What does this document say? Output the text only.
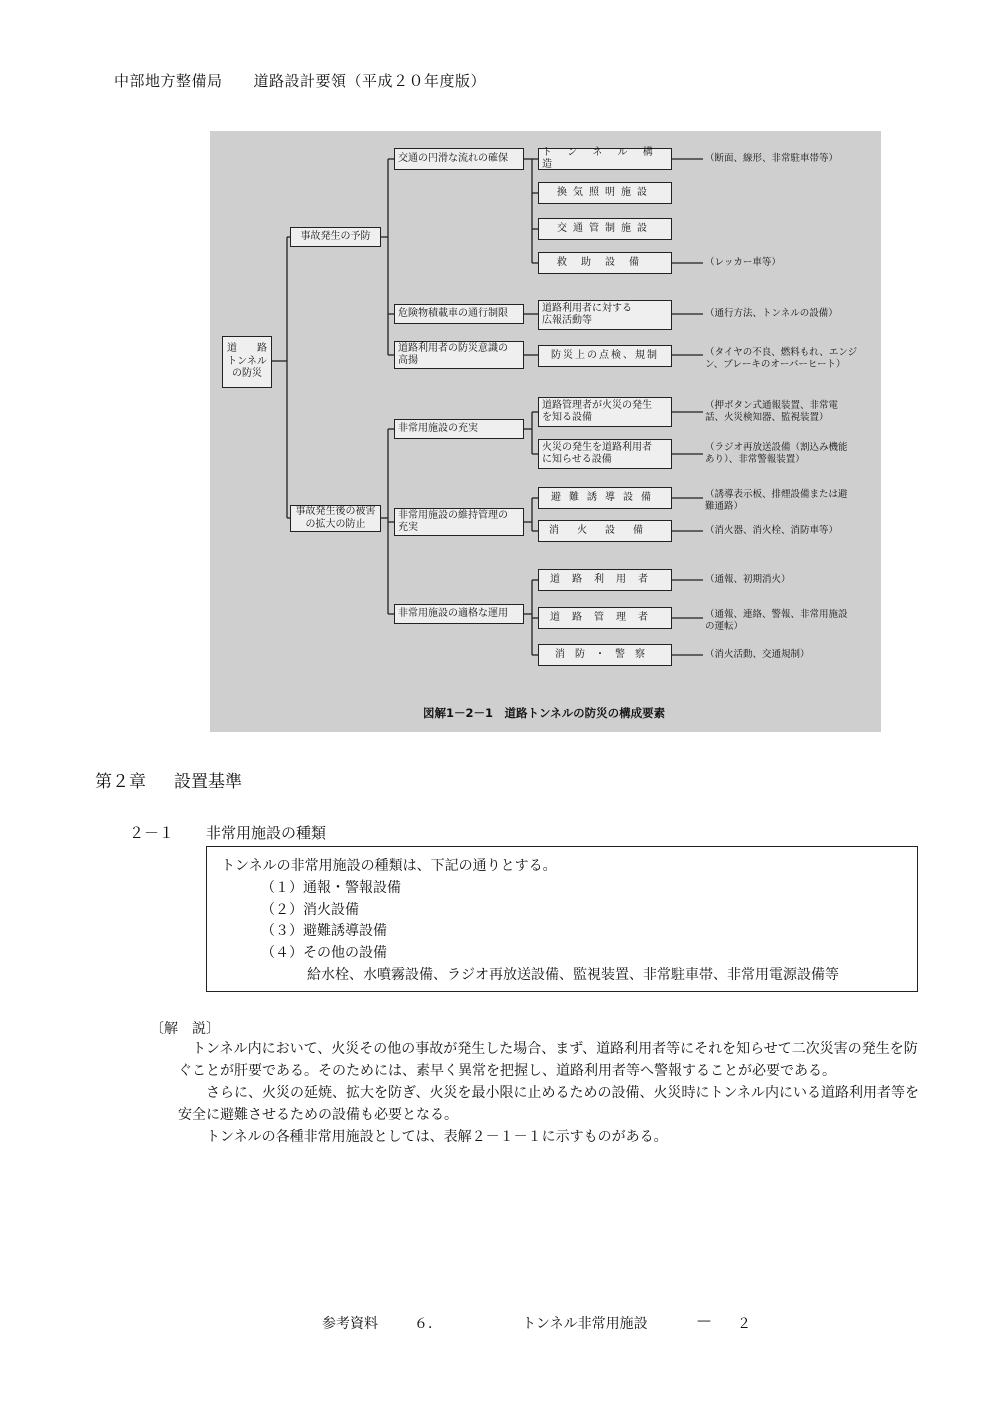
中部地方整備局　　道路設計要領（平成２０年度版）
道　　路
トンネル
の防災
事故発生の予防
事故発生後の被害
の拡大の防止
交通の円滑な流れの確保
危険物積載車の通行制限
道路利用者の防災意識の
高揚
非常用施設の充実
非常用施設の維持管理の
充実
非常用施設の適格な運用
ト ン ネ ル 構 造
換気照明施設
交通管制施設
救助設備
道路利用者に対する
広報活動等
防災上の点検、規制
道路管理者が火災の発生
を知る設備
火災の発生を道路利用者
に知らせる設備
避難誘導設備
消火設備
道路利用者
道路管理者
消防・警察
（断面、線形、非常駐車帯等）
（レッカー車等）
（通行方法、トンネルの設備）
（タイヤの不良、燃料もれ、エンジ
ン、ブレーキのオーバーヒート）
（押ボタン式通報装置、非常電
話、火災検知器、監視装置）
（ラジオ再放送設備（割込み機能
あり）、非常警報装置）
（誘導表示板、排煙設備または避
難通路）
（消火器、消火栓、消防車等）
（通報、初期消火）
（通報、連絡、警報、非常用施設
の運転）
（消火活動、交通規制）
図解1－2－1　道路トンネルの防災の構成要素
第２章 設置基準
２－１ 非常用施設の種類
トンネルの非常用施設の種類は、下記の通りとする。
（１）通報・警報設備
（２）消火設備
（３）避難誘導設備
（４）その他の設備
給水栓、水噴霧設備、ラジオ再放送設備、監視装置、非常駐車帯、非常用電源設備等
〔解　説〕
トンネル内において、火災その他の事故が発生した場合、まず、道路利用者等にそれを知らせて二次災害の発生を防ぐことが肝要である。そのためには、素早く異常を把握し、道路利用者等へ警報することが必要である。
さらに、火災の延焼、拡大を防ぎ、火災を最小限に止めるための設備、火災時にトンネル内にいる道路利用者等を安全に避難させるための設備も必要となる。
トンネルの各種非常用施設としては、表解２－１－１に示すものがある。
参考資料	６．	トンネル非常用施設	— ２
